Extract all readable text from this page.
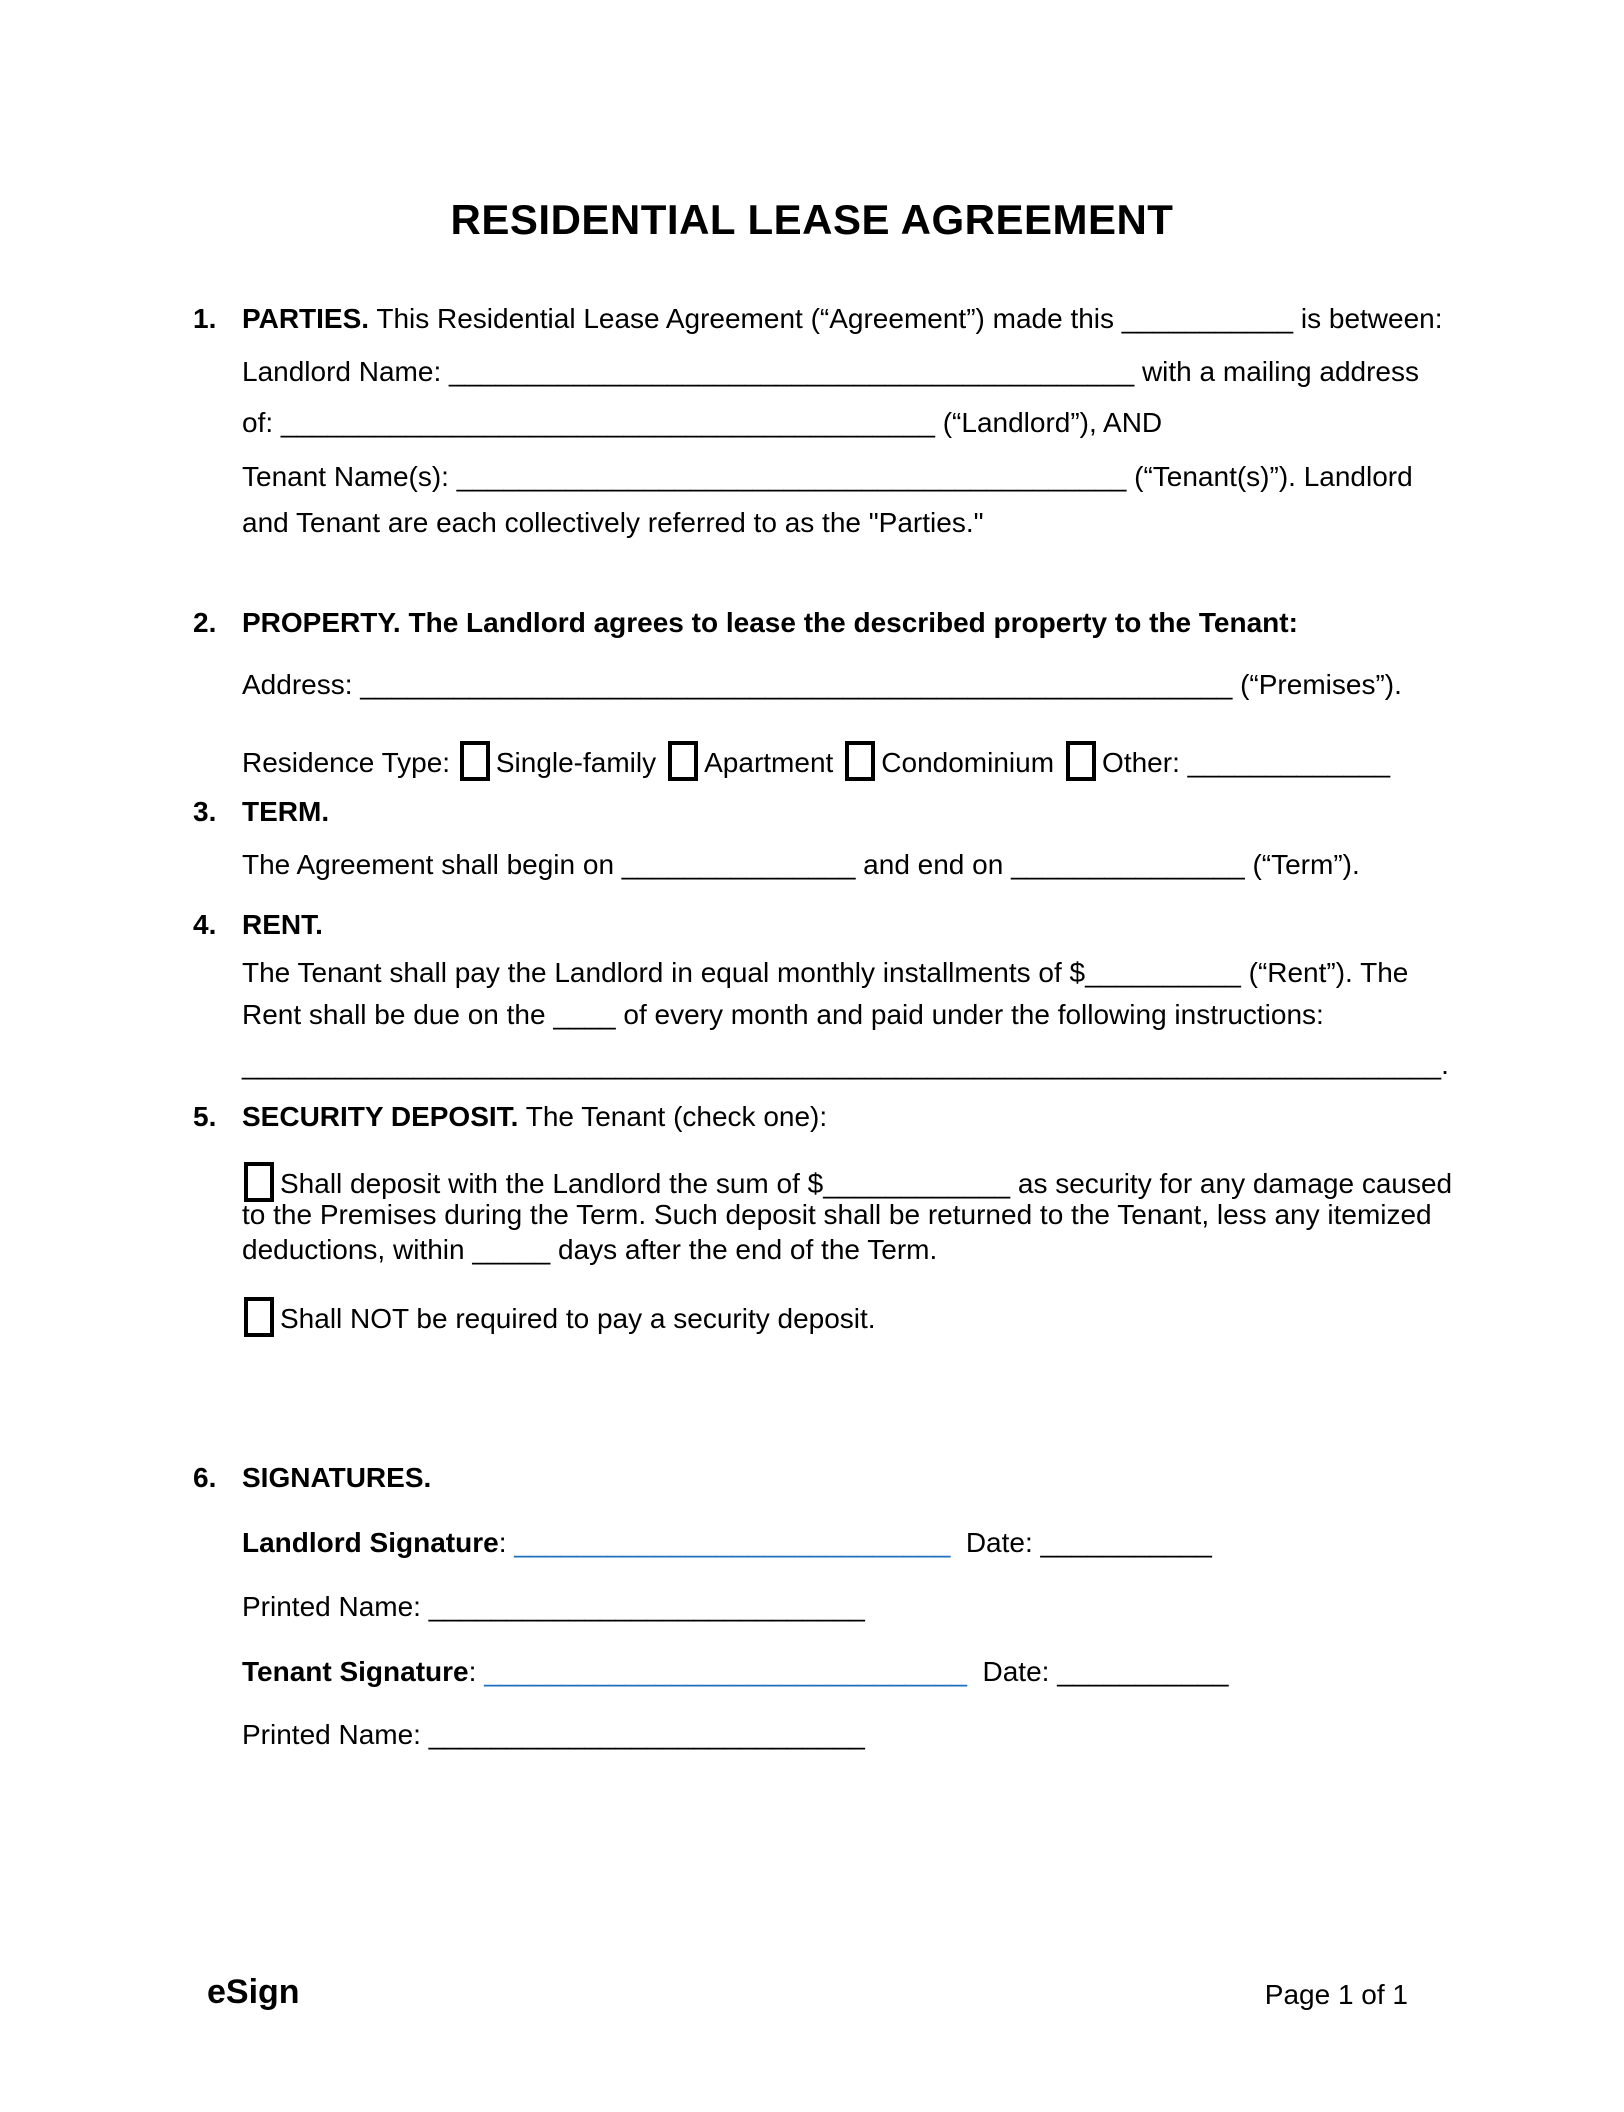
RESIDENTIAL LEASE AGREEMENT
1. PARTIES. This Residential Lease Agreement (“Agreement”) made this ___________ is between:
Landlord Name: ____________________________________________ with a mailing address
of: __________________________________________ (“Landlord”), AND
Tenant Name(s): ___________________________________________ (“Tenant(s)”). Landlord
and Tenant are each collectively referred to as the "Parties."
2. PROPERTY. The Landlord agrees to lease the described property to the Tenant:
Address: ________________________________________________________ (“Premises”).
Residence Type: Single-family Apartment Condominium Other: _____________
3. TERM.
The Agreement shall begin on _______________ and end on _______________ (“Term”).
4. RENT.
The Tenant shall pay the Landlord in equal monthly installments of $__________ (“Rent”). The
Rent shall be due on the ____ of every month and paid under the following instructions:
_____________________________________________________________________________.
5. SECURITY DEPOSIT. The Tenant (check one):
Shall deposit with the Landlord the sum of $____________ as security for any damage caused
to the Premises during the Term. Such deposit shall be returned to the Tenant, less any itemized
deductions, within _____ days after the end of the Term.
Shall NOT be required to pay a security deposit.
6. SIGNATURES.
Landlord Signature: ____________________________  Date: ___________
Printed Name: ____________________________
Tenant Signature: _______________________________  Date: ___________
Printed Name: ____________________________
eSign	Page 1 of 1
